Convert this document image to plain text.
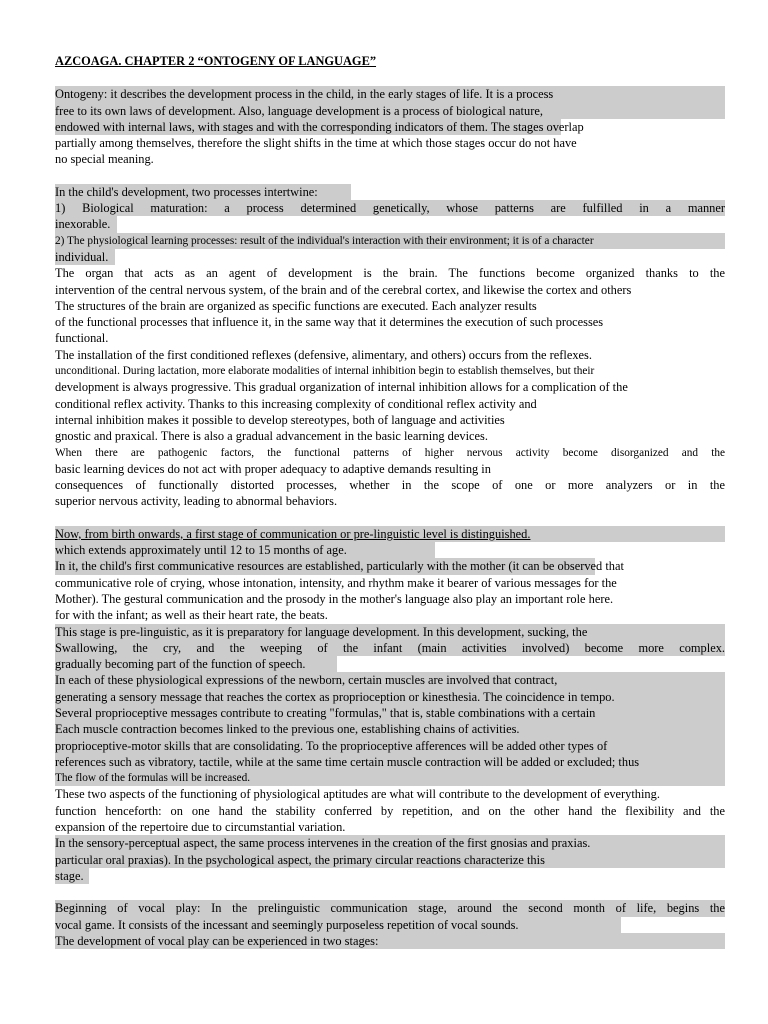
AZCOAGA. CHAPTER 2 “ONTOGENY OF LANGUAGE”
Ontogeny: it describes the development process in the child, in the early stages of life. It is a process
free to its own laws of development. Also, language development is a process of biological nature,
endowed with internal laws, with stages and with the corresponding indicators of them. The stages overlap
partially among themselves, therefore the slight shifts in the time at which those stages occur do not have
no special meaning.
In the child's development, two processes intertwine:
1) Biological maturation: a process determined genetically, whose patterns are fulfilled in a manner
inexorable.
2) The physiological learning processes: result of the individual's interaction with their environment; it is of a character
individual.
The organ that acts as an agent of development is the brain. The functions become organized thanks to the
intervention of the central nervous system, of the brain and of the cerebral cortex, and likewise the cortex and others
The structures of the brain are organized as specific functions are executed. Each analyzer results
of the functional processes that influence it, in the same way that it determines the execution of such processes
functional.
The installation of the first conditioned reflexes (defensive, alimentary, and others) occurs from the reflexes.
unconditional. During lactation, more elaborate modalities of internal inhibition begin to establish themselves, but their
development is always progressive. This gradual organization of internal inhibition allows for a complication of the
conditional reflex activity. Thanks to this increasing complexity of conditional reflex activity and
internal inhibition makes it possible to develop stereotypes, both of language and activities
gnostic and praxical. There is also a gradual advancement in the basic learning devices.
When there are pathogenic factors, the functional patterns of higher nervous activity become disorganized and the
basic learning devices do not act with proper adequacy to adaptive demands resulting in
consequences of functionally distorted processes, whether in the scope of one or more analyzers or in the
superior nervous activity, leading to abnormal behaviors.
Now, from birth onwards, a first stage of communication or pre-linguistic level is distinguished.
which extends approximately until 12 to 15 months of age.
In it, the child's first communicative resources are established, particularly with the mother (it can be observed that
communicative role of crying, whose intonation, intensity, and rhythm make it bearer of various messages for the
Mother). The gestural communication and the prosody in the mother's language also play an important role here.
for with the infant; as well as their heart rate, the beats.
This stage is pre-linguistic, as it is preparatory for language development. In this development, sucking, the
Swallowing, the cry, and the weeping of the infant (main activities involved) become more complex.
gradually becoming part of the function of speech.
In each of these physiological expressions of the newborn, certain muscles are involved that contract,
generating a sensory message that reaches the cortex as proprioception or kinesthesia. The coincidence in tempo.
Several proprioceptive messages contribute to creating "formulas," that is, stable combinations with a certain
Each muscle contraction becomes linked to the previous one, establishing chains of activities.
proprioceptive-motor skills that are consolidating. To the proprioceptive afferences will be added other types of
references such as vibratory, tactile, while at the same time certain muscle contraction will be added or excluded; thus
The flow of the formulas will be increased.
These two aspects of the functioning of physiological aptitudes are what will contribute to the development of everything.
function henceforth: on one hand the stability conferred by repetition, and on the other hand the flexibility and the
expansion of the repertoire due to circumstantial variation.
In the sensory-perceptual aspect, the same process intervenes in the creation of the first gnosias and praxias.
particular oral praxias). In the psychological aspect, the primary circular reactions characterize this
stage.
Beginning of vocal play: In the prelinguistic communication stage, around the second month of life, begins the
vocal game. It consists of the incessant and seemingly purposeless repetition of vocal sounds.
The development of vocal play can be experienced in two stages:
